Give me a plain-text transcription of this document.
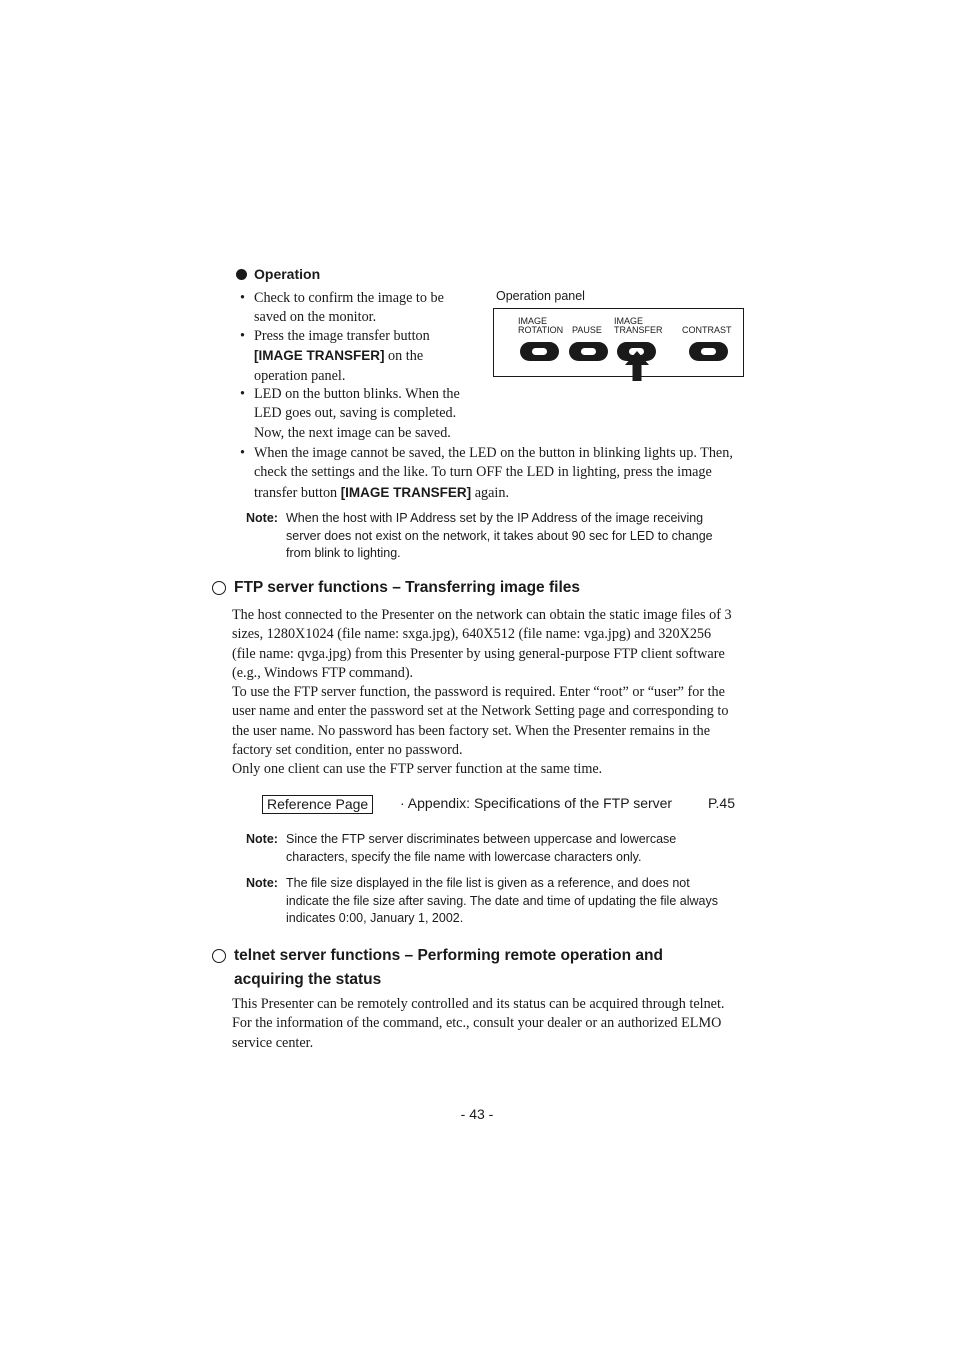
Operation
• Check to confirm the image to be
saved on the monitor.
• Press the image transfer button
[IMAGE TRANSFER] on the
operation panel.
• LED on the button blinks. When the
LED goes out, saving is completed.
Now, the next image can be saved.
• When the image cannot be saved, the LED on the button in blinking lights up. Then,
check the settings and the like. To turn OFF the LED in lighting, press the image
transfer button [IMAGE TRANSFER] again.
Note: When the host with IP Address set by the IP Address of the image receiving
server does not exist on the network, it takes about 90 sec for LED to change
from blink to lighting.
Operation panel
IMAGE
ROTATION PAUSE
IMAGE
TRANSFER CONTRAST
FTP server functions – Transferring image files
The host connected to the Presenter on the network can obtain the static image files of 3
sizes, 1280X1024 (file name: sxga.jpg), 640X512 (file name: vga.jpg) and 320X256
(file name: qvga.jpg) from this Presenter by using general-purpose FTP client software
(e.g., Windows FTP command).
To use the FTP server function, the password is required. Enter “root” or “user” for the
user name and enter the password set at the Network Setting page and corresponding to
the user name. No password has been factory set. When the Presenter remains in the
factory set condition, enter no password.
Only one client can use the FTP server function at the same time.
Reference Page	· Appendix: Specifications of the FTP server	P.45
Note: Since the FTP server discriminates between uppercase and lowercase
characters, specify the file name with lowercase characters only.
Note: The file size displayed in the file list is given as a reference, and does not
indicate the file size after saving. The date and time of updating the file always
indicates 0:00, January 1, 2002.
telnet server functions – Performing remote operation and
acquiring the status
This Presenter can be remotely controlled and its status can be acquired through telnet.
For the information of the command, etc., consult your dealer or an authorized ELMO
service center.
- 43 -
